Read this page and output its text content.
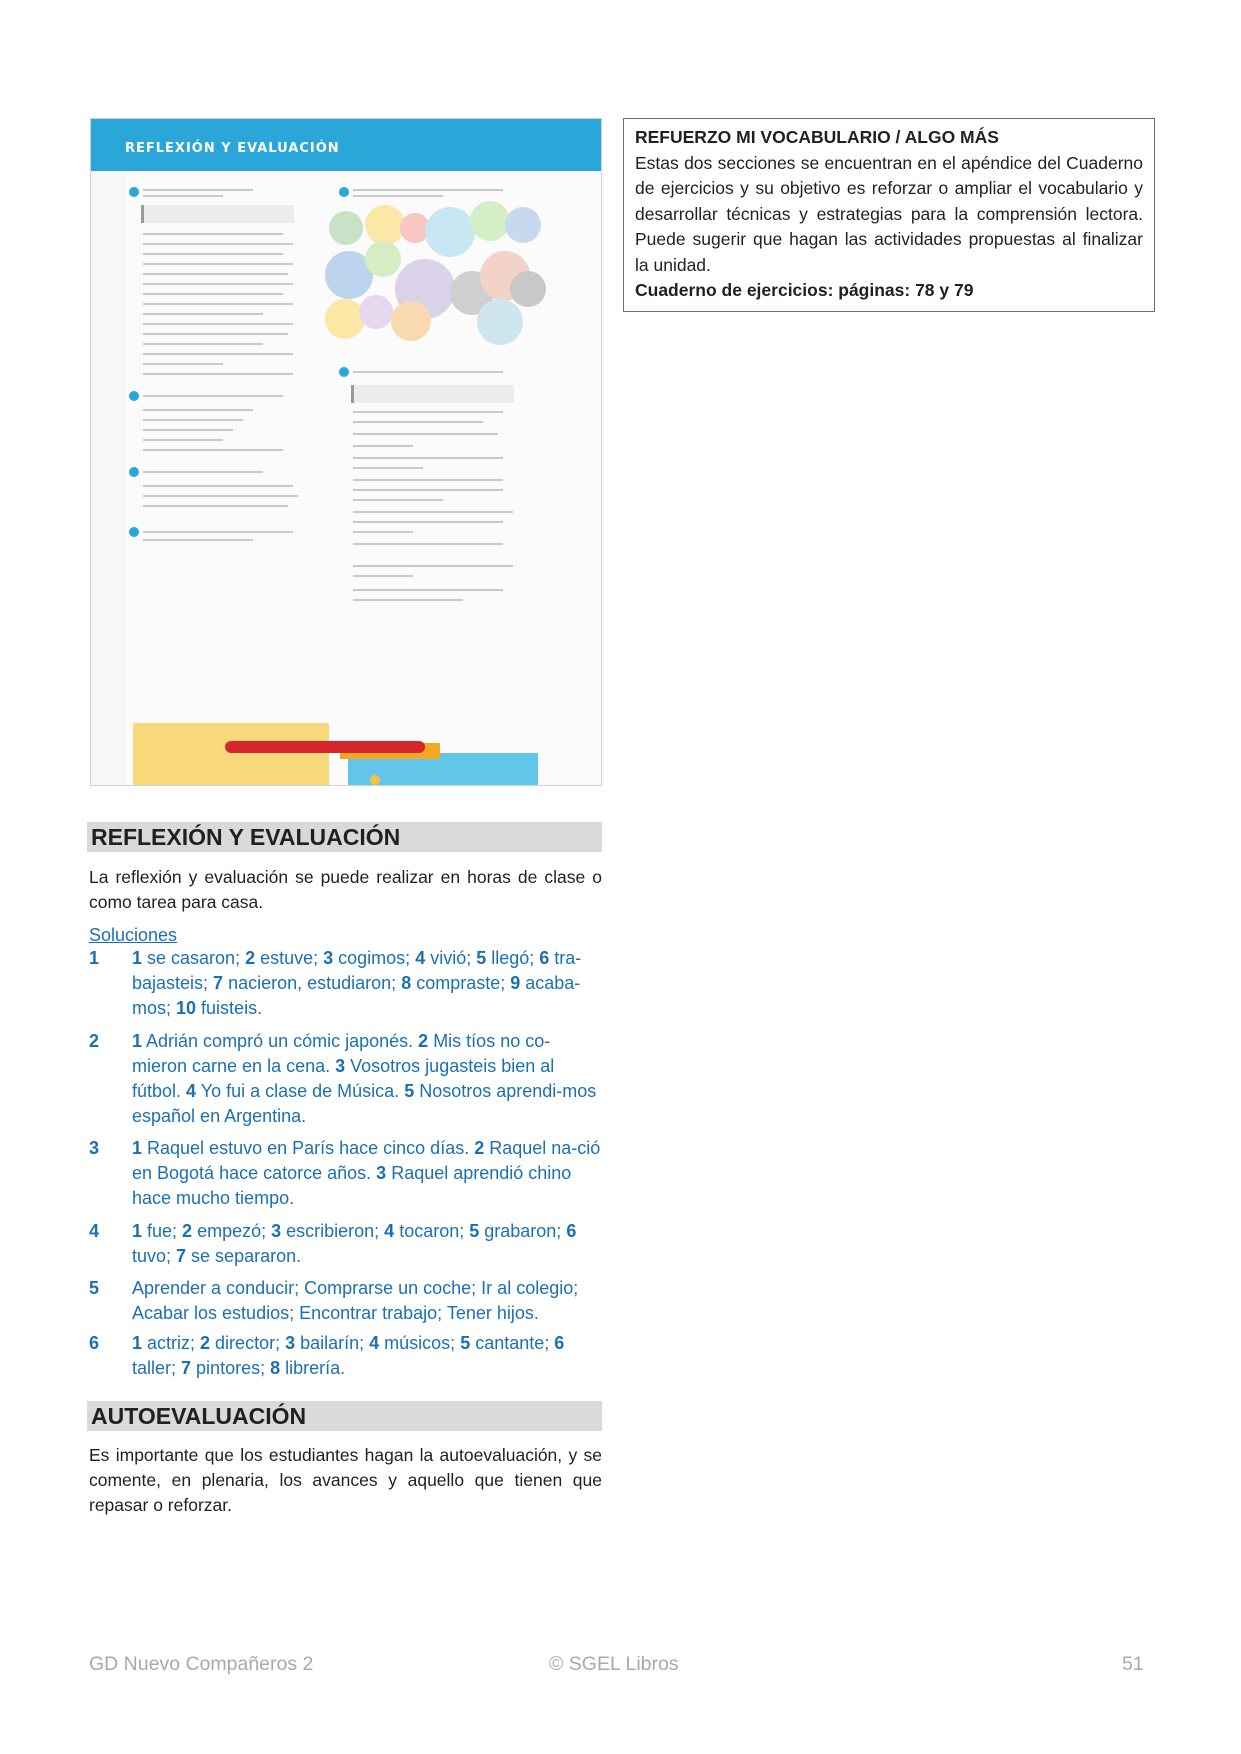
REFLEXIÓN Y EVALUACIÓN
REFUERZO MI VOCABULARIO / ALGO MÁS
Estas dos secciones se encuentran en el apéndice del Cuaderno de ejercicios y su objetivo es reforzar o ampliar el vocabulario y desarrollar técnicas y estrategias para la comprensión lectora. Puede sugerir que hagan las actividades propuestas al finalizar la unidad.
Cuaderno de ejercicios: páginas: 78 y 79
REFLEXIÓN Y EVALUACIÓN
La reflexión y evaluación se puede realizar en horas de clase o como tarea para casa.
Soluciones
1 1 se casaron; 2 estuve; 3 cogimos; 4 vivió; 5 llegó; 6 tra-bajasteis; 7 nacieron, estudiaron; 8 compraste; 9 acaba-mos; 10 fuisteis.
2 1 Adrián compró un cómic japonés. 2 Mis tíos no co-mieron carne en la cena. 3 Vosotros jugasteis bien al fútbol. 4 Yo fui a clase de Música. 5 Nosotros aprendi-mos español en Argentina.
3 1 Raquel estuvo en París hace cinco días. 2 Raquel na-ció en Bogotá hace catorce años. 3 Raquel aprendió chino hace mucho tiempo.
4 1 fue; 2 empezó; 3 escribieron; 4 tocaron; 5 grabaron; 6 tuvo; 7 se separaron.
5 Aprender a conducir; Comprarse un coche; Ir al colegio; Acabar los estudios; Encontrar trabajo; Tener hijos.
6 1 actriz; 2 director; 3 bailarín; 4 músicos; 5 cantante; 6 taller; 7 pintores; 8 librería.
AUTOEVALUACIÓN
Es importante que los estudiantes hagan la autoevaluación, y se comente, en plenaria, los avances y aquello que tienen que repasar o reforzar.
GD Nuevo Compañeros 2	© SGEL Libros	51
